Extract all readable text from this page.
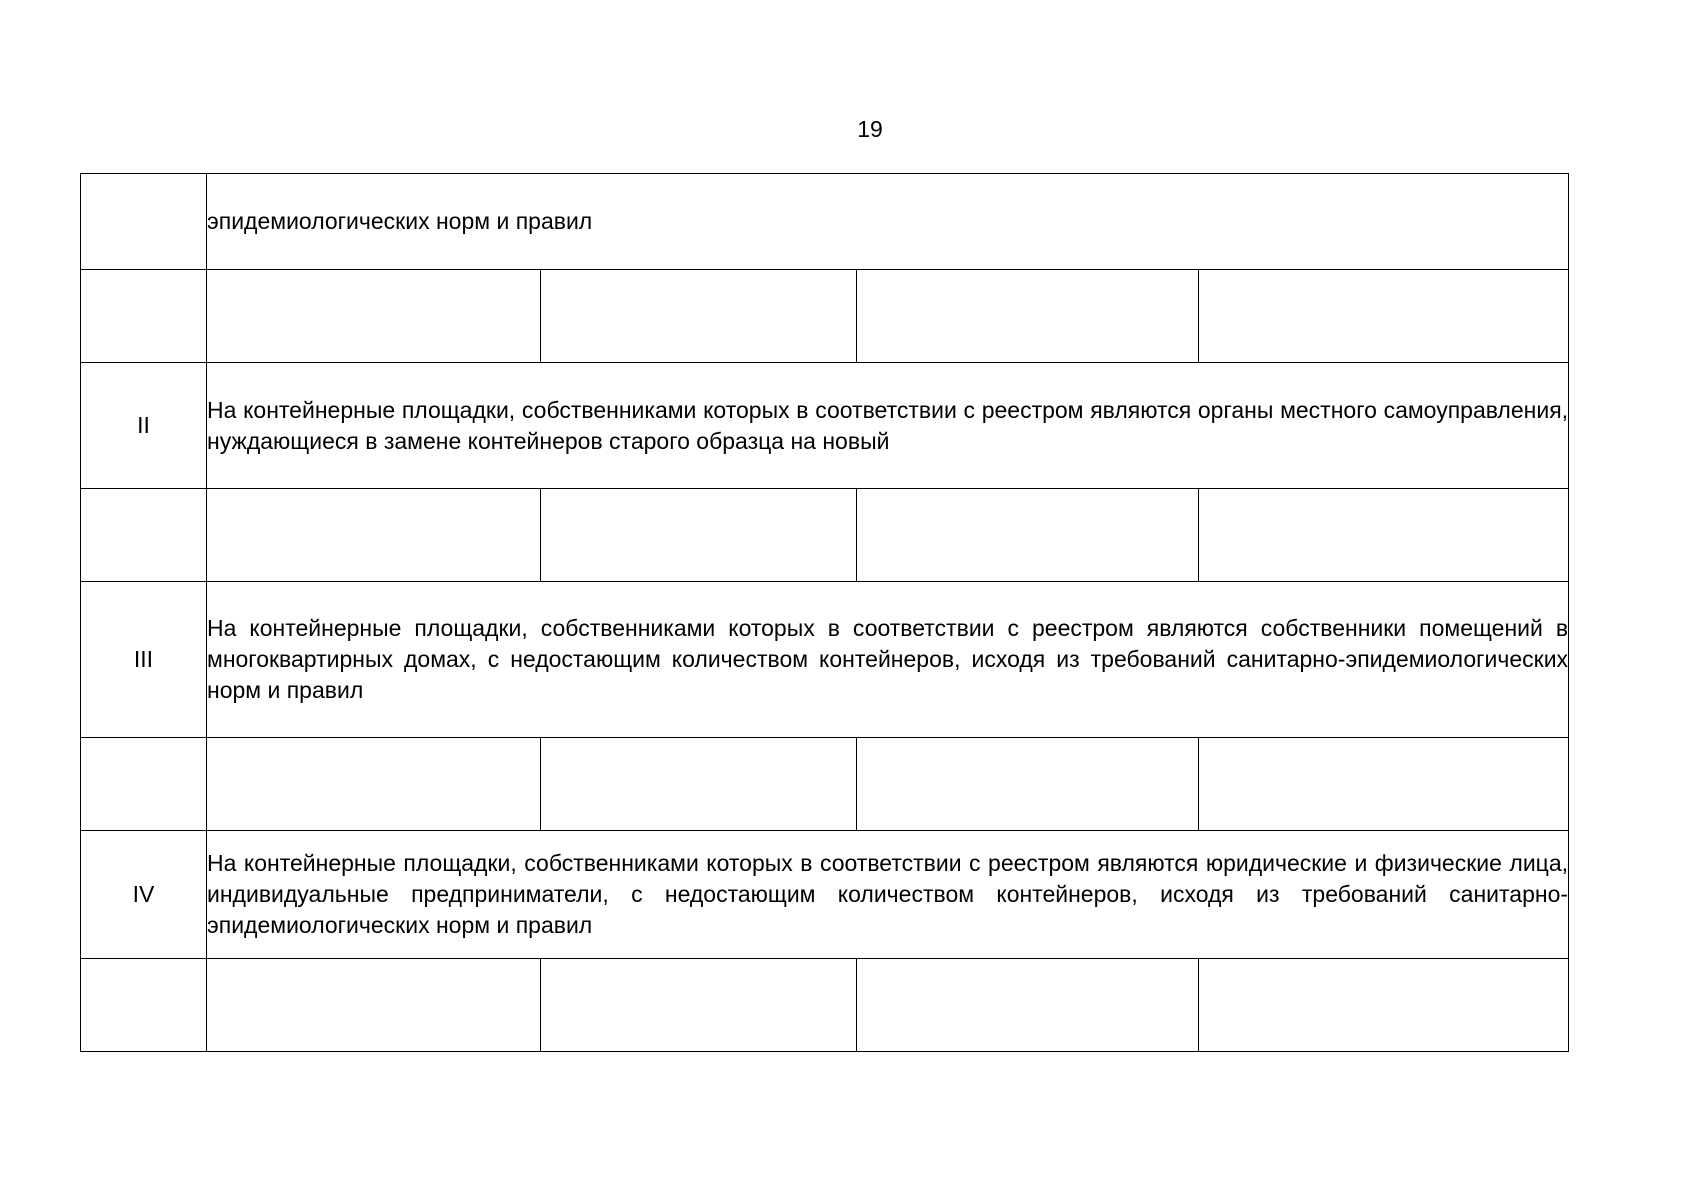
19
	эпидемиологических норм и правил			

II	На контейнерные площадки, собственниками которых в соответствии с реестром являются органы местного самоуправления, нуждающиеся в замене контейнеров старого образца на новый			

III	На контейнерные площадки, собственниками которых в соответствии с реестром являются собственники помещений в многоквартирных домах, с недостающим количеством контейнеров, исходя из требований санитарно-эпидемиологических норм и правил			

IV	На контейнерные площадки, собственниками которых в соответствии с реестром являются юридические и физические лица, индивидуальные предприниматели, с недостающим количеством контейнеров, исходя из требований санитарно-эпидемиологических норм и правил			
